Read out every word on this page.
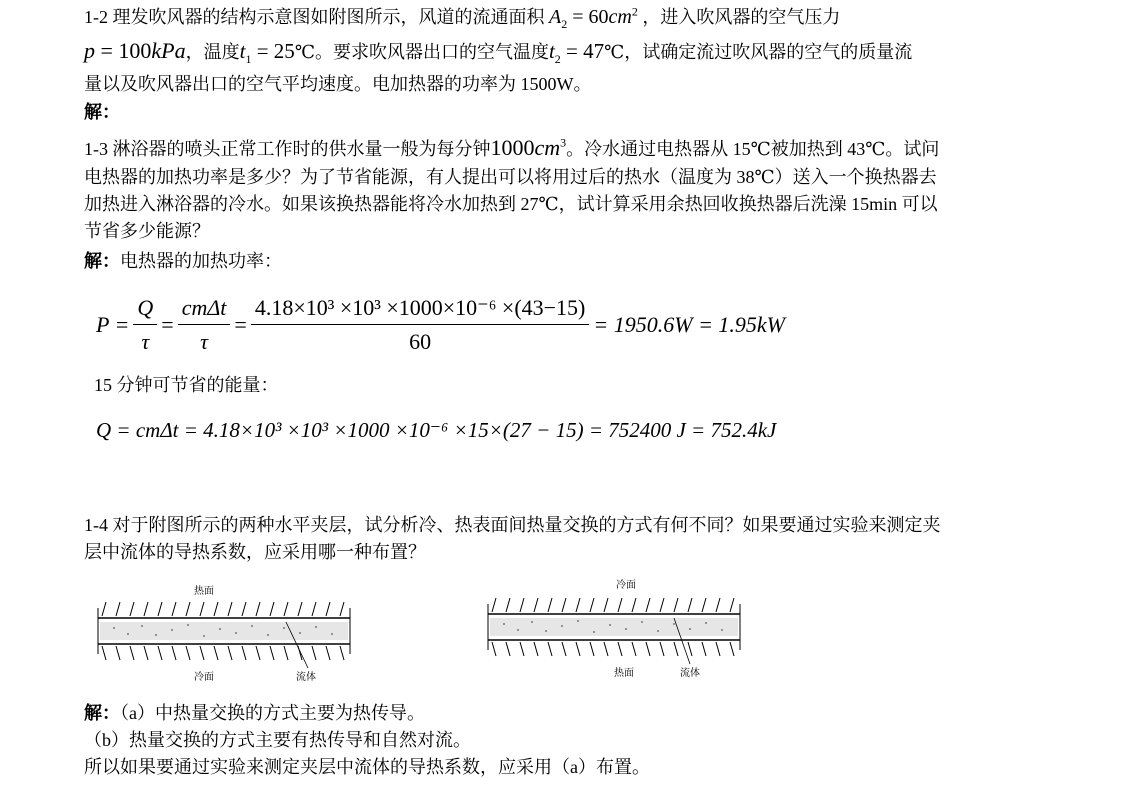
1-2 理发吹风器的结构示意图如附图所示，风道的流通面积 $A_2 = 60cm^2$ ，进入吹风器的空气压力
p = 100kPa，温度$t_1$ = 25℃。要求吹风器出口的空气温度$t_2$ = 47℃，试确定流过吹风器的空气的质量流
量以及吹风器出口的空气平均速度。电加热器的功率为 1500W。
解：
1-3 淋浴器的喷头正常工作时的供水量一般为每分钟$1000cm^3$。冷水通过电热器从 15℃被加热到 43℃。试问
电热器的加热功率是多少？为了节省能源，有人提出可以将用过后的热水（温度为 38℃）送入一个换热器去
加热进入淋浴器的冷水。如果该换热器能将冷水加热到 27℃，试计算采用余热回收换热器后洗澡 15min 可以
节省多少能源？
解：电热器的加热功率：
$P = \frac{Q}{\tau} = \frac{\text{cmΔt}}{\tau} = \frac{\text{4.18×10³ ×10³ ×1000×10⁻⁶ ×(43−15)}}{60} = 1950.6W = 1.95kW$
15 分钟可节省的能量：
Q = cmΔt = 4.18×10³ ×10³ ×1000 ×10⁻⁶ ×15×(27 − 15) = 752400 J = 752.4kJ
1-4 对于附图所示的两种水平夹层，试分析冷、热表面间热量交换的方式有何不同？如果要通过实验来测定夹
层中流体的导热系数，应采用哪一种布置？
热面
冷面	流体
冷面
热面	流体
解：（a）中热量交换的方式主要为热传导。
（b）热量交换的方式主要有热传导和自然对流。
所以如果要通过实验来测定夹层中流体的导热系数，应采用（a）布置。
